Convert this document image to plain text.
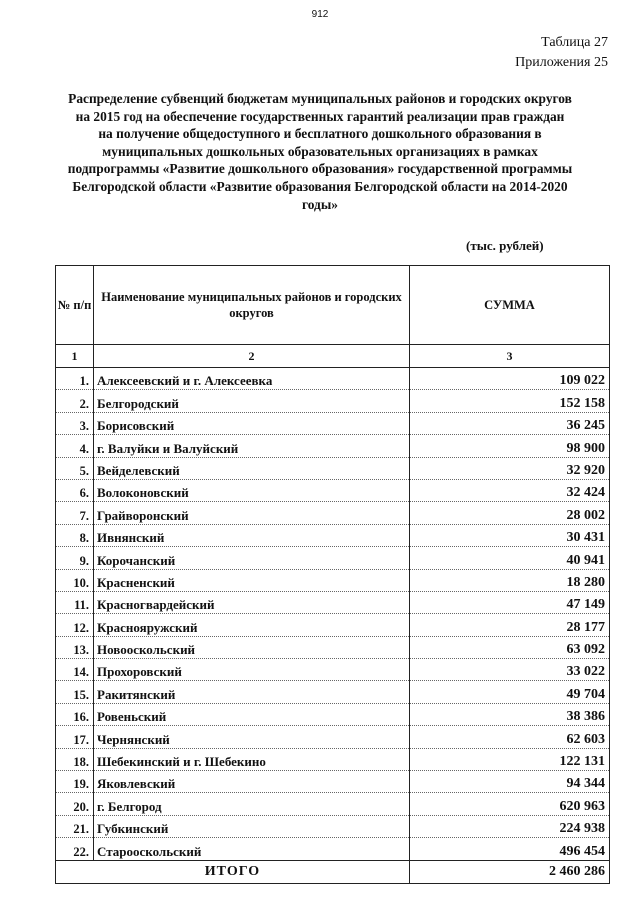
912
Таблица 27
Приложения 25
Распределение субвенций бюджетам муниципальных районов и городских округов
на 2015 год на обеспечение государственных гарантий реализации прав граждан
на получение общедоступного и бесплатного дошкольного образования в
муниципальных дошкольных образовательных организациях в рамках
подпрограммы «Развитие дошкольного образования» государственной программы
Белгородской области «Развитие образования Белгородской области на 2014-2020
годы»
(тыс. рублей)
№ п/п	Наименование муниципальных районов и городских округов	СУММА
1	2	3
1.	Алексеевский и г. Алексеевка	109 022
2.	Белгородский	152 158
3.	Борисовский	36 245
4.	г. Валуйки и Валуйский	98 900
5.	Вейделевский	32 920
6.	Волоконовский	32 424
7.	Грайворонский	28 002
8.	Ивнянский	30 431
9.	Корочанский	40 941
10.	Красненский	18 280
11.	Красногвардейский	47 149
12.	Краснояружский	28 177
13.	Новооскольский	63 092
14.	Прохоровский	33 022
15.	Ракитянский	49 704
16.	Ровеньский	38 386
17.	Чернянский	62 603
18.	Шебекинский и г. Шебекино	122 131
19.	Яковлевский	94 344
20.	г. Белгород	620 963
21.	Губкинский	224 938
22.	Старооскольский	496 454
ИТОГО		2 460 286
